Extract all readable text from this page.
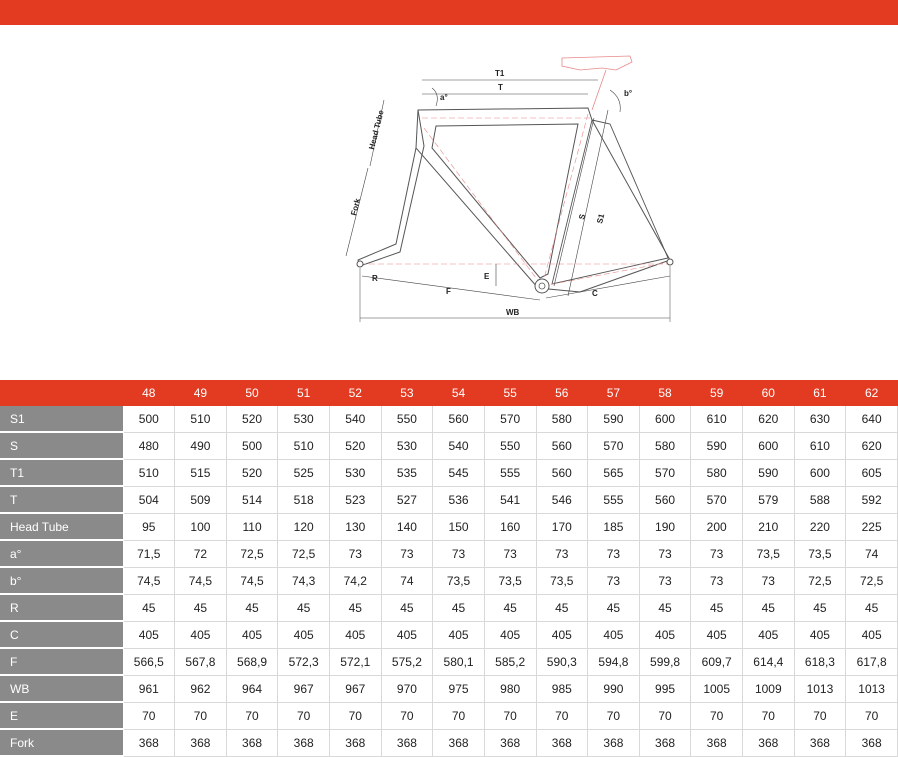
T1
T
a°	b°
Head Tube
Fork
S S1
E
R
F	C
WB
	48	49	50	51	52	53	54	55	56	57	58	59	60	61	62
S1	500	510	520	530	540	550	560	570	580	590	600	610	620	630	640
S	480	490	500	510	520	530	540	550	560	570	580	590	600	610	620
T1	510	515	520	525	530	535	545	555	560	565	570	580	590	600	605
T	504	509	514	518	523	527	536	541	546	555	560	570	579	588	592
Head Tube	95	100	110	120	130	140	150	160	170	185	190	200	210	220	225
a°	71,5	72	72,5	72,5	73	73	73	73	73	73	73	73	73,5	73,5	74
b°	74,5	74,5	74,5	74,3	74,2	74	73,5	73,5	73,5	73	73	73	73	72,5	72,5
R	45	45	45	45	45	45	45	45	45	45	45	45	45	45	45
C	405	405	405	405	405	405	405	405	405	405	405	405	405	405	405
F	566,5	567,8	568,9	572,3	572,1	575,2	580,1	585,2	590,3	594,8	599,8	609,7	614,4	618,3	617,8
WB	961	962	964	967	967	970	975	980	985	990	995	1005	1009	1013	1013
E	70	70	70	70	70	70	70	70	70	70	70	70	70	70	70
Fork	368	368	368	368	368	368	368	368	368	368	368	368	368	368	368
